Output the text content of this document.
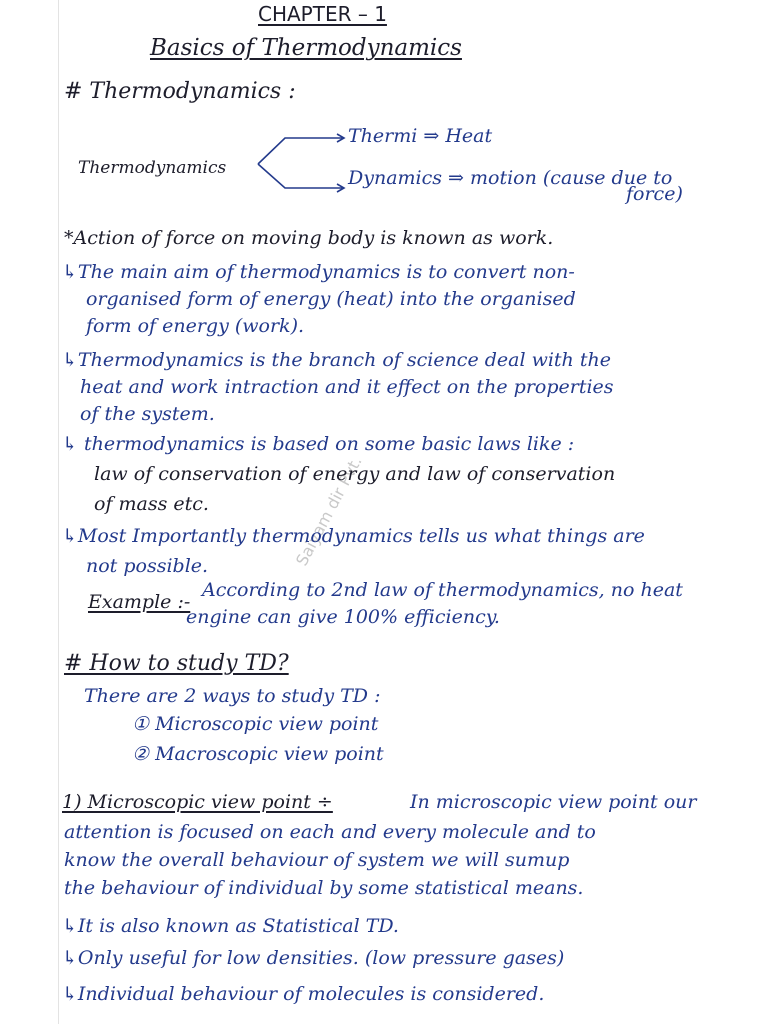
Saiyam dir Pvt.
CHAPTER – 1
Basics of Thermodynamics
# Thermodynamics :
Thermodynamics
Thermi ⇒ Heat
Dynamics ⇒ motion (cause due to
force)
*Action of force on moving body is known as work.
↳The main aim of thermodynamics is to convert non-
organised form of energy (heat) into the organised
form of energy (work).
↳Thermodynamics is the branch of science deal with the
heat and work intraction and it effect on the properties
of the system.
↳ thermodynamics is based on some basic laws like :
law of conservation of energy and law of conservation
of mass etc.
↳Most Importantly thermodynamics tells us what things are
not possible.
Example :-
According to 2nd law of thermodynamics, no heat
engine can give 100% efficiency.
# How to study TD?
There are 2 ways to study TD :
① Microscopic view point
② Macroscopic view point
1) Microscopic view point ÷	In microscopic view point our
attention is focused on each and every molecule and to
know the overall behaviour of system we will sumup
the behaviour of individual by some statistical means.
↳It is also known as Statistical TD.
↳Only useful for low densities. (low pressure gases)
↳Individual behaviour of molecules is considered.
